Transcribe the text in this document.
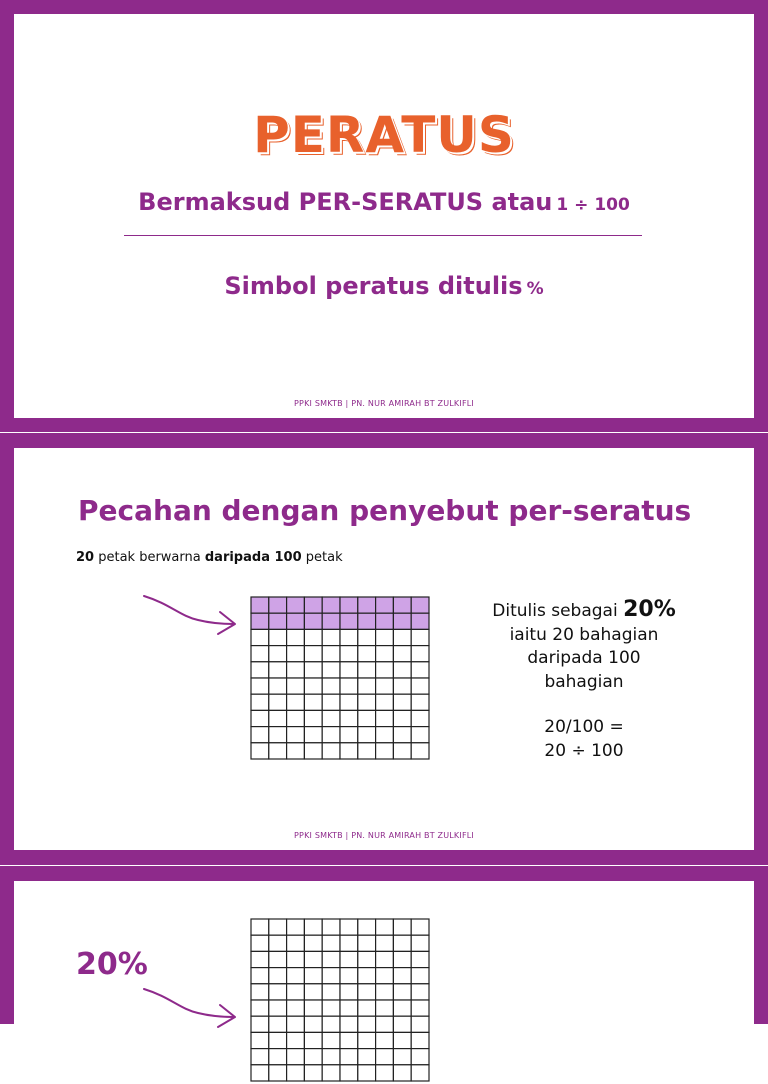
PERATUS
Bermaksud PER-SERATUS atau 1 ÷ 100
Simbol peratus ditulis %
PPKI SMKTB | PN. NUR AMIRAH BT ZULKIFLI
Pecahan dengan penyebut per-seratus
20 petak berwarna daripada 100 petak
Ditulis sebagai 20%
iaitu 20 bahagian
daripada 100
bahagian
20/100 =
20 ÷ 100
PPKI SMKTB | PN. NUR AMIRAH BT ZULKIFLI
20%
